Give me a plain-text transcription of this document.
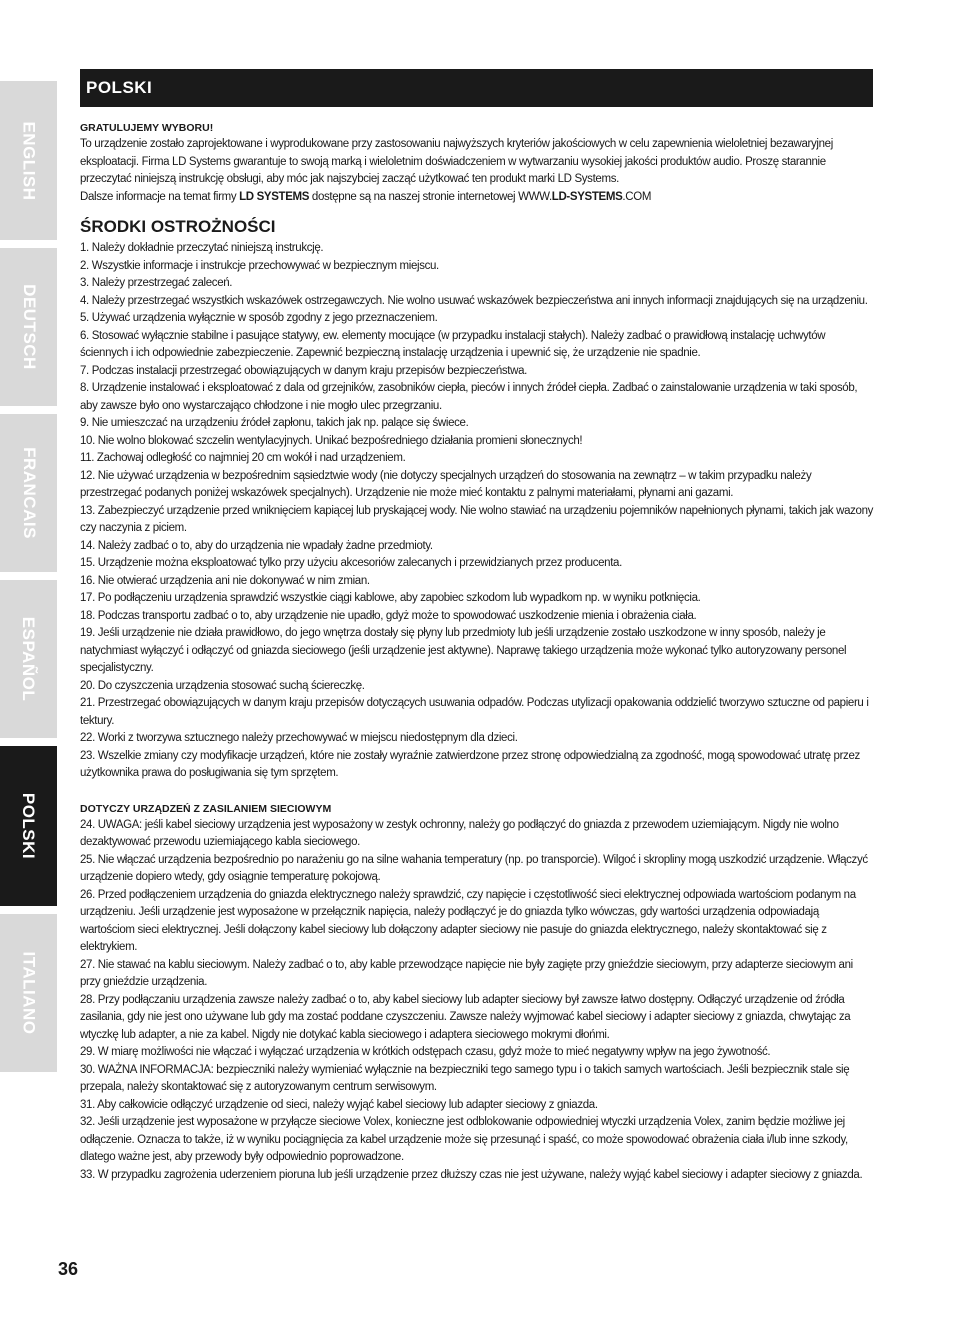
ENGLISH
DEUTSCH
FRANCAIS
ESPAÑOL
POLSKI
ITALIANO
POLSKI

GRATULUJEMY WYBORU!

To urządzenie zostało zaprojektowane i wyprodukowane przy zastosowaniu najwyższych kryteriów jakościowych w celu zapewnienia wieloletniej bezawaryjnej eksploatacji. Firma LD Systems gwarantuje to swoją marką i wieloletnim doświadczeniem w wytwarzaniu wysokiej jakości produktów audio. Proszę starannie przeczytać niniejszą instrukcję obsługi, aby móc jak najszybciej zacząć użytkować ten produkt marki LD Systems.

Dalsze informacje na temat firmy LD SYSTEMS dostępne są na naszej stronie internetowej WWW.LD-SYSTEMS.COM

ŚRODKI OSTROŻNOŚCI

1. Należy dokładnie przeczytać niniejszą instrukcję.

2. Wszystkie informacje i instrukcje przechowywać w bezpiecznym miejscu.

3. Należy przestrzegać zaleceń.

4. Należy przestrzegać wszystkich wskazówek ostrzegawczych. Nie wolno usuwać wskazówek bezpieczeństwa ani innych informacji znajdujących się na urządzeniu.

5. Używać urządzenia wyłącznie w sposób zgodny z jego przeznaczeniem.

6. Stosować wyłącznie stabilne i pasujące statywy, ew. elementy mocujące (w przypadku instalacji stałych). Należy zadbać o prawidłową instalację uchwytów ściennych i ich odpowiednie zabezpieczenie. Zapewnić bezpieczną instalację urządzenia i upewnić się, że urządzenie nie spadnie.

7. Podczas instalacji przestrzegać obowiązujących w danym kraju przepisów bezpieczeństwa.

8. Urządzenie instalować i eksploatować z dala od grzejników, zasobników ciepła, pieców i innych źródeł ciepła. Zadbać o zainstalowanie urządzenia w taki sposób, aby zawsze było ono wystarczająco chłodzone i nie mogło ulec przegrzaniu.

9. Nie umieszczać na urządzeniu źródeł zapłonu, takich jak np. palące się świece.

10. Nie wolno blokować szczelin wentylacyjnych. Unikać bezpośredniego działania promieni słonecznych!

11. Zachowaj odległość co najmniej 20 cm wokół i nad urządzeniem.

12. Nie używać urządzenia w bezpośrednim sąsiedztwie wody (nie dotyczy specjalnych urządzeń do stosowania na zewnątrz – w takim przypadku należy przestrzegać podanych poniżej wskazówek specjalnych). Urządzenie nie może mieć kontaktu z palnymi materiałami, płynami ani gazami.

13. Zabezpieczyć urządzenie przed wniknięciem kapiącej lub pryskającej wody. Nie wolno stawiać na urządzeniu pojemników napełnionych płynami, takich jak wazony czy naczynia z piciem.

14. Należy zadbać o to, aby do urządzenia nie wpadały żadne przedmioty.

15. Urządzenie można eksploatować tylko przy użyciu akcesoriów zalecanych i przewidzianych przez producenta.

16. Nie otwierać urządzenia ani nie dokonywać w nim zmian.

17. Po podłączeniu urządzenia sprawdzić wszystkie ciągi kablowe, aby zapobiec szkodom lub wypadkom np. w wyniku potknięcia.

18. Podczas transportu zadbać o to, aby urządzenie nie upadło, gdyż może to spowodować uszkodzenie mienia i obrażenia ciała.

19. Jeśli urządzenie nie działa prawidłowo, do jego wnętrza dostały się płyny lub przedmioty lub jeśli urządzenie zostało uszkodzone w inny sposób, należy je natychmiast wyłączyć i odłączyć od gniazda sieciowego (jeśli urządzenie jest aktywne). Naprawę takiego urządzenia może wykonać tylko autoryzowany personel specjalistyczny.

20. Do czyszczenia urządzenia stosować suchą ściereczkę.

21. Przestrzegać obowiązujących w danym kraju przepisów dotyczących usuwania odpadów. Podczas utylizacji opakowania oddzielić tworzywo sztuczne od papieru i tektury.

22. Worki z tworzywa sztucznego należy przechowywać w miejscu niedostępnym dla dzieci.

23. Wszelkie zmiany czy modyfikacje urządzeń, które nie zostały wyraźnie zatwierdzone przez stronę odpowiedzialną za zgodność, mogą spowodować utratę przez użytkownika prawa do posługiwania się tym sprzętem.

DOTYCZY URZĄDZEŃ Z ZASILANIEM SIECIOWYM

24. UWAGA: jeśli kabel sieciowy urządzenia jest wyposażony w zestyk ochronny, należy go podłączyć do gniazda z przewodem uziemiającym. Nigdy nie wolno dezaktywować przewodu uziemiającego kabla sieciowego.

25. Nie włączać urządzenia bezpośrednio po narażeniu go na silne wahania temperatury (np. po transporcie). Wilgoć i skropliny mogą uszkodzić urządzenie. Włączyć urządzenie dopiero wtedy, gdy osiągnie temperaturę pokojową.

26. Przed podłączeniem urządzenia do gniazda elektrycznego należy sprawdzić, czy napięcie i częstotliwość sieci elektrycznej odpowiada wartościom podanym na urządzeniu. Jeśli urządzenie jest wyposażone w przełącznik napięcia, należy podłączyć je do gniazda tylko wówczas, gdy wartości urządzenia odpowiadają wartościom sieci elektrycznej. Jeśli dołączony kabel sieciowy lub dołączony adapter sieciowy nie pasuje do gniazda elektrycznego, należy skontaktować się z elektrykiem.

27. Nie stawać na kablu sieciowym. Należy zadbać o to, aby kable przewodzące napięcie nie były zagięte przy gnieździe sieciowym, przy adapterze sieciowym ani przy gnieździe urządzenia.

28. Przy podłączaniu urządzenia zawsze należy zadbać o to, aby kabel sieciowy lub adapter sieciowy był zawsze łatwo dostępny. Odłączyć urządzenie od źródła zasilania, gdy nie jest ono używane lub gdy ma zostać poddane czyszczeniu. Zawsze należy wyjmować kabel sieciowy i adapter sieciowy z gniazda, chwytając za wtyczkę lub adapter, a nie za kabel. Nigdy nie dotykać kabla sieciowego i adaptera sieciowego mokrymi dłońmi.

29. W miarę możliwości nie włączać i wyłączać urządzenia w krótkich odstępach czasu, gdyż może to mieć negatywny wpływ na jego żywotność.

30. WAŻNA INFORMACJA: bezpieczniki należy wymieniać wyłącznie na bezpieczniki tego samego typu i o takich samych wartościach. Jeśli bezpiecznik stale się przepala, należy skontaktować się z autoryzowanym centrum serwisowym.

31. Aby całkowicie odłączyć urządzenie od sieci, należy wyjąć kabel sieciowy lub adapter sieciowy z gniazda.

32. Jeśli urządzenie jest wyposażone w przyłącze sieciowe Volex, konieczne jest odblokowanie odpowiedniej wtyczki urządzenia Volex, zanim będzie możliwe jej odłączenie. Oznacza to także, iż w wyniku pociągnięcia za kabel urządzenie może się przesunąć i spaść, co może spowodować obrażenia ciała i/lub inne szkody, dlatego ważne jest, aby przewody były odpowiednio poprowadzone.

33. W przypadku zagrożenia uderzeniem pioruna lub jeśli urządzenie przez dłuższy czas nie jest używane, należy wyjąć kabel sieciowy i adapter sieciowy z gniazda.

36
